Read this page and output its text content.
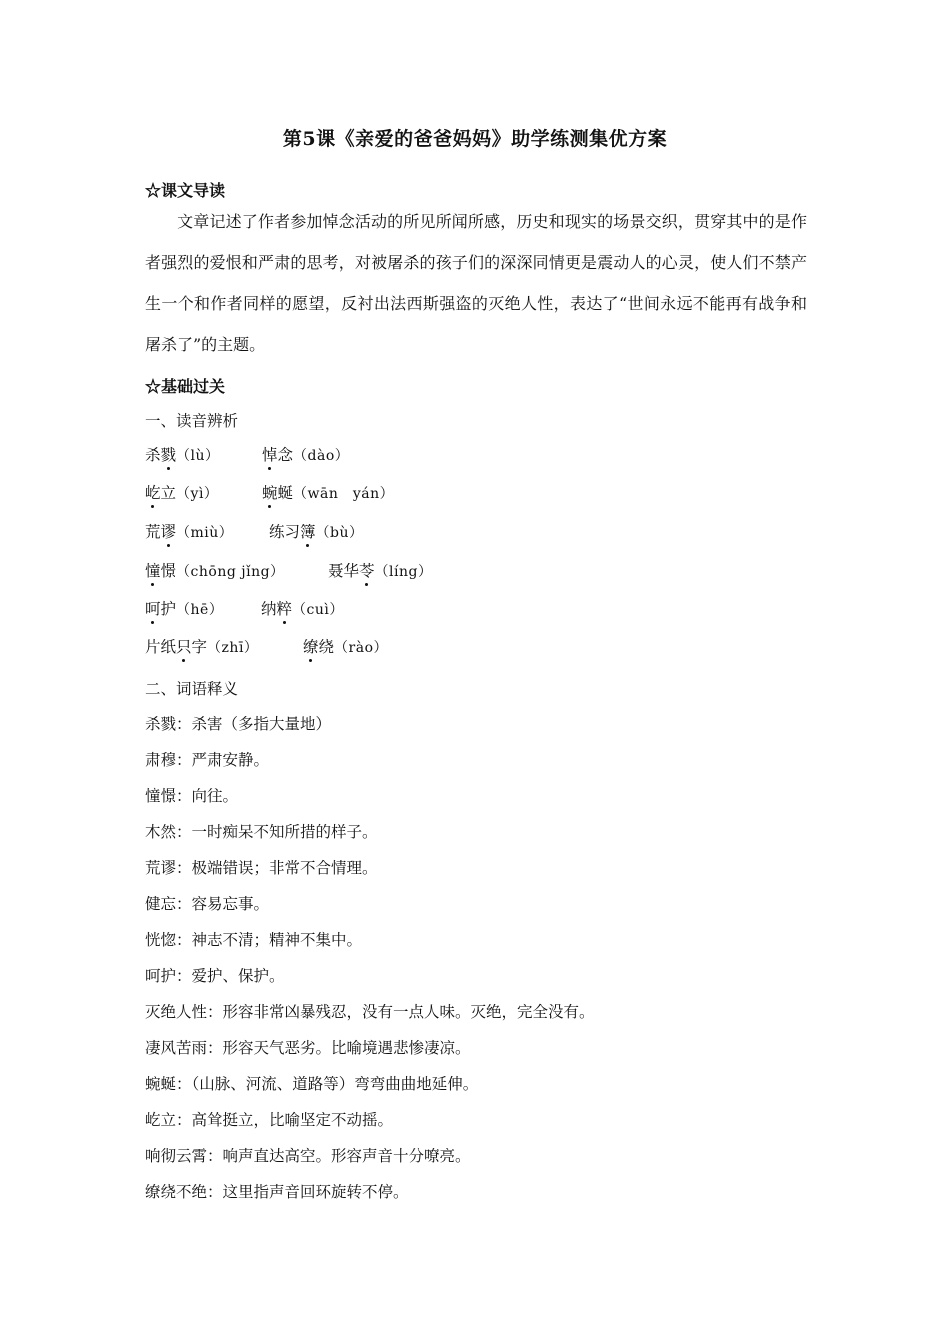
第5课《亲爱的爸爸妈妈》助学练测集优方案
☆课文导读
文章记述了作者参加悼念活动的所见所闻所感，历史和现实的场景交织，贯穿其中的是作者强烈的爱恨和严肃的思考，对被屠杀的孩子们的深深同情更是震动人的心灵，使人们不禁产生一个和作者同样的愿望，反衬出法西斯强盗的灭绝人性，表达了“世间永远不能再有战争和屠杀了”的主题。
☆基础过关
一、读音辨析
杀戮（lù）	悼念（dào）
屹立（yì）	蜿蜒（wān　yán）
荒谬（miù） 练习簿（bù）
憧憬（chōng jǐng）	聂华苓（líng）
呵护（hē） 纳粹（cuì）
片纸只字（zhī）	缭绕（rào）
二、词语释义
杀戮：杀害（多指大量地）
肃穆：严肃安静。
憧憬：向往。
木然：一时痴呆不知所措的样子。
荒谬：极端错误；非常不合情理。
健忘：容易忘事。
恍惚：神志不清；精神不集中。
呵护：爱护、保护。
灭绝人性：形容非常凶暴残忍，没有一点人味。灭绝，完全没有。
凄风苦雨：形容天气恶劣。比喻境遇悲惨凄凉。
蜿蜒：（山脉、河流、道路等）弯弯曲曲地延伸。
屹立：高耸挺立，比喻坚定不动摇。
响彻云霄：响声直达高空。形容声音十分嘹亮。
缭绕不绝：这里指声音回环旋转不停。
